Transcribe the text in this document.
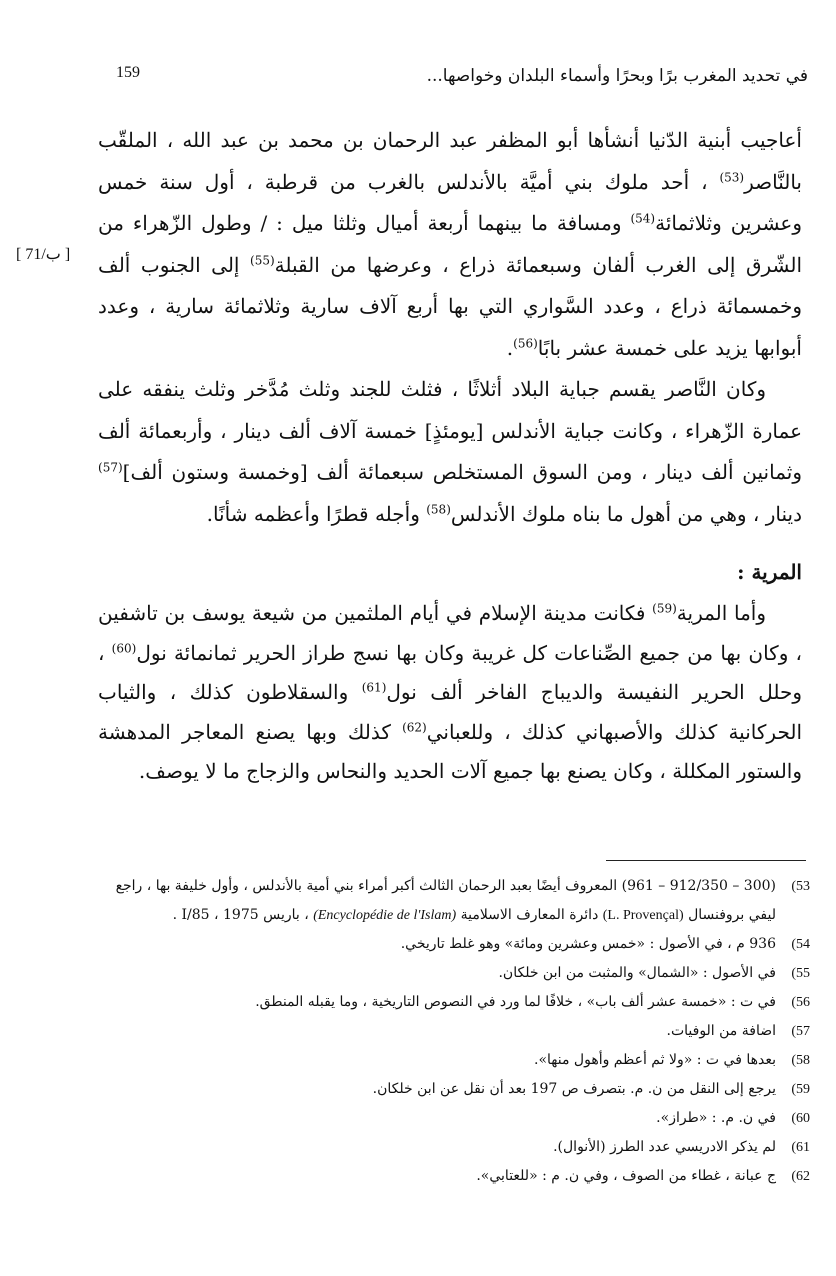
159	في تحديد المغرب برًا وبحرًا وأسماء البلدان وخواصها...
[ 71/ب ]

أعاجيب أبنية الدّنيا أنشأها أبو المظفر عبد الرحمان بن محمد بن عبد الله ، الملقّب بالنَّاصر$^{(53)}$ ، أحد ملوك بني أميَّة بالأندلس بالغرب من قرطبة ، أول سنة خمس وعشرين وثلاثمائة$^{(54)}$ ومسافة ما بينهما أربعة أميال وثلثا ميل : / وطول الزّهراء من الشّرق إلى الغرب ألفان وسبعمائة ذراع ، وعرضها من القبلة$^{(55)}$ إلى الجنوب ألف وخمسمائة ذراع ، وعدد السَّواري التي بها أربع آلاف سارية وثلاثمائة سارية ، وعدد أبوابها يزيد على خمسة عشر بابًا$^{(56)}$.

وكان النَّاصر يقسم جباية البلاد أثلاثًا ، فثلث للجند وثلث مُدَّخر وثلث ينفقه على عمارة الزّهراء ، وكانت جباية الأندلس [يومئذٍ] خمسة آلاف ألف دينار ، وأربعمائة ألف وثمانين ألف دينار ، ومن السوق المستخلص سبعمائة ألف [وخمسة وستون ألف]$^{(57)}$ دينار ، وهي من أهول ما بناه ملوك الأندلس$^{(58)}$ وأجله قطرًا وأعظمه شأنًا.

المرية :

وأما المرية$^{(59)}$ فكانت مدينة الإسلام في أيام الملثمين من شيعة يوسف بن تاشفين ، وكان بها من جميع الصِّناعات كل غريبة وكان بها نسج طراز الحرير ثمانمائة نول$^{(60)}$ ، وحلل الحرير النفيسة والديباج الفاخر ألف نول$^{(61)}$ والسقلاطون كذلك ، والثياب الحركانية كذلك والأصبهاني كذلك ، وللعباني$^{(62)}$ كذلك وبها يصنع المعاجر المدهشة والستور المكللة ، وكان يصنع بها جميع آلات الحديد والنحاس والزجاج ما لا يوصف.

53)
(300 – 912/350 – 961) المعروف أيضًا بعبد الرحمان الثالث أكبر أمراء بني أمية بالأندلس ، وأول خليفة بها ، راجع ليفي بروفنسال (L. Provençal) دائرة المعارف الاسلامية (Encyclopédie de l'Islam) ، باريس 1975 ، 85/I .
54)
936 م ، في الأصول : «خمس وعشرين ومائة» وهو غلط تاريخي.
55)
في الأصول : «الشمال» والمثبت من ابن خلكان.
56)
في ت : «خمسة عشر ألف باب» ، خلافًا لما ورد في النصوص التاريخية ، وما يقبله المنطق.
57)
اضافة من الوفيات.
58)
بعدها في ت : «ولا ثم أعظم وأهول منها».
59)
يرجع إلى النقل من ن. م. بتصرف ص 197 بعد أن نقل عن ابن خلكان.
60)
في ن. م. : «طراز».
61)
لم يذكر الادريسي عدد الطرز (الأنوال).
62)
ج عبانة ، غطاء من الصوف ، وفي ن. م : «للعتابي».
